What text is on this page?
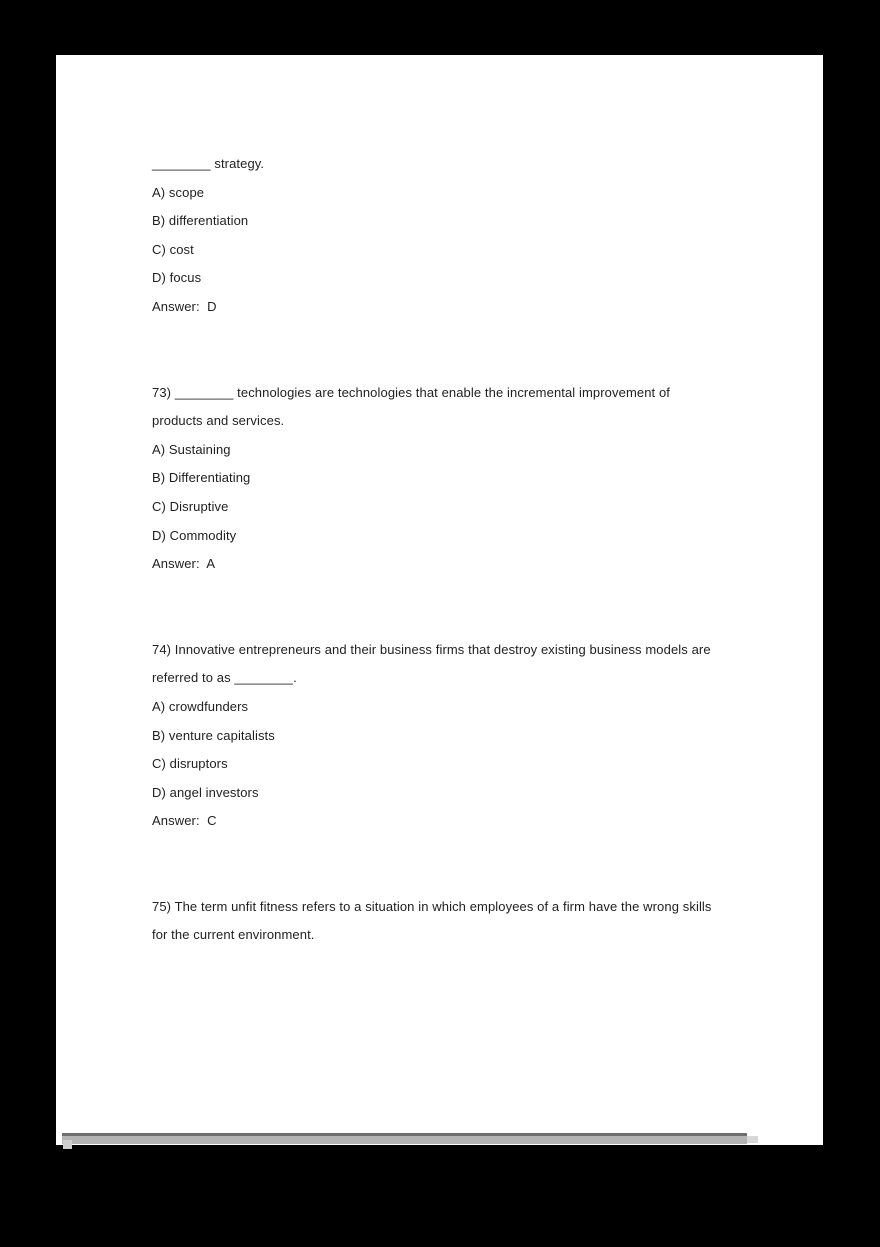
________ strategy.
A) scope
B) differentiation
C) cost
D) focus
Answer:  D
73) ________ technologies are technologies that enable the incremental improvement of
products and services.
A) Sustaining
B) Differentiating
C) Disruptive
D) Commodity
Answer:  A
74) Innovative entrepreneurs and their business firms that destroy existing business models are
referred to as ________.
A) crowdfunders
B) venture capitalists
C) disruptors
D) angel investors
Answer:  C
75) The term unfit fitness refers to a situation in which employees of a firm have the wrong skills
for the current environment.
